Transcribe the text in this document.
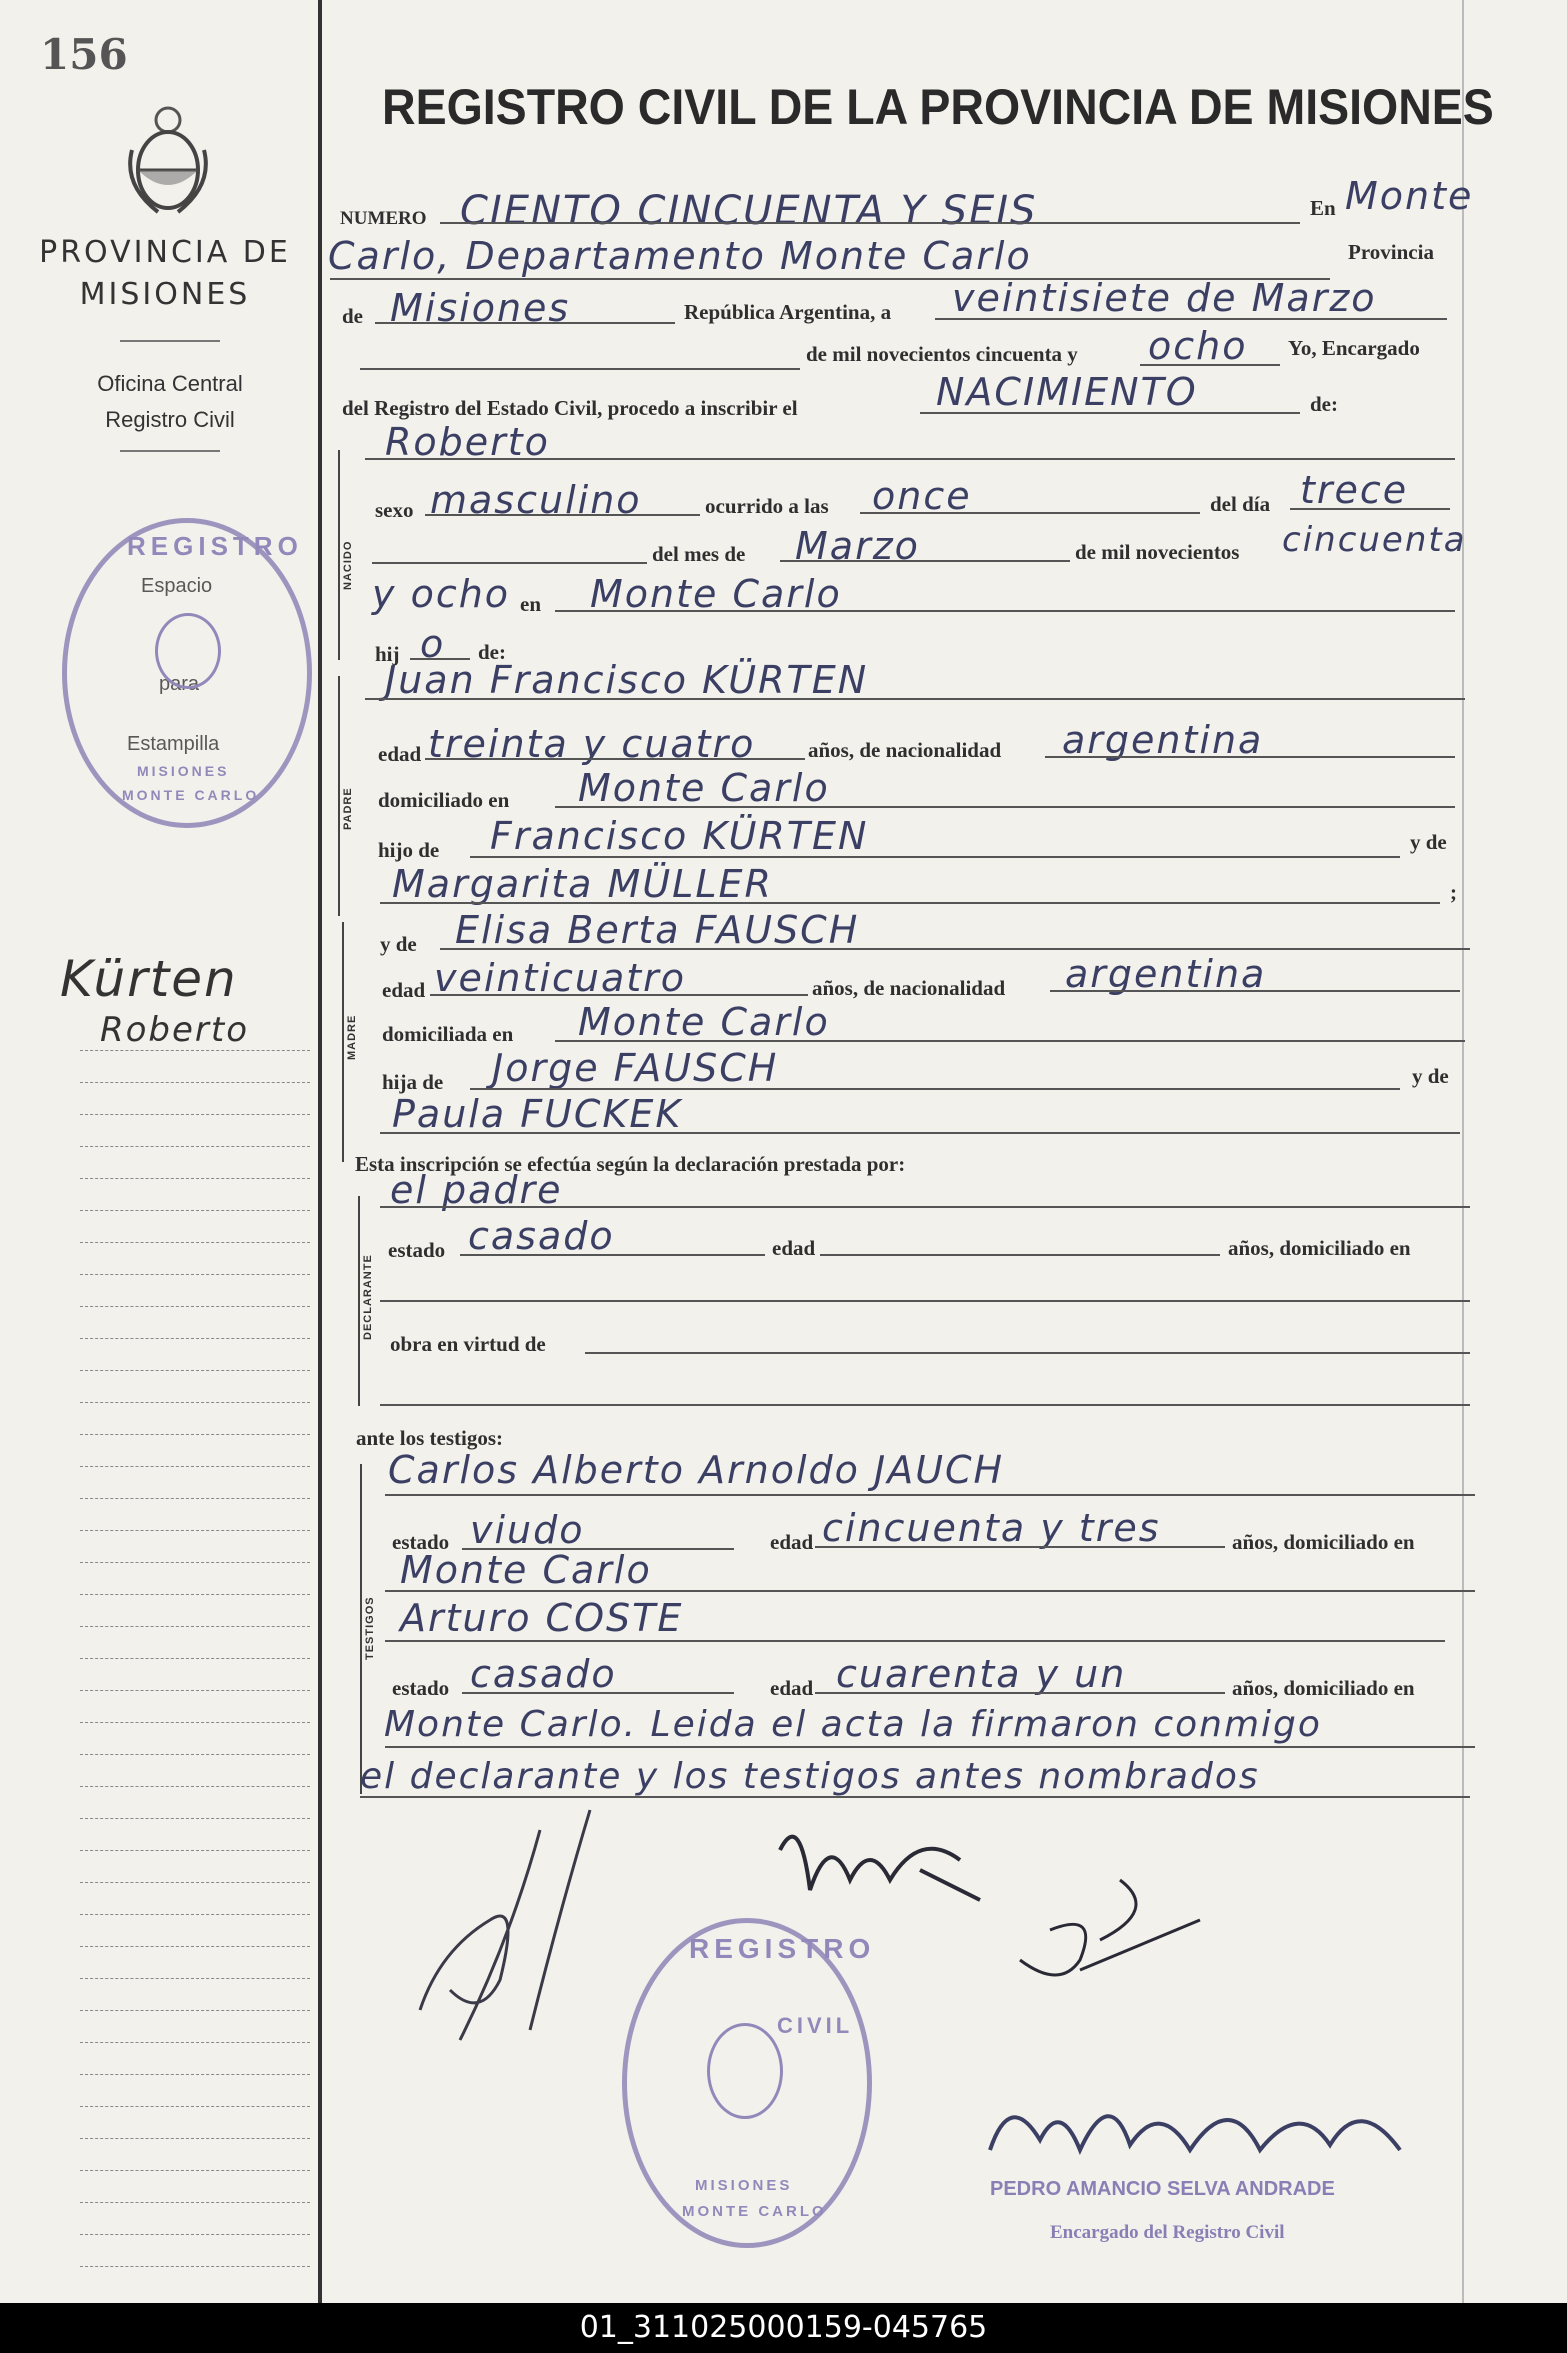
156
PROVINCIA DE MISIONES
Oficina Central Registro Civil
REGISTRO
MISIONES
MONTE CARLO
Espacio
para
Estampilla
Kürten
Roberto
REGISTRO CIVIL DE LA PROVINCIA DE MISIONES
NUMERO CIENTO CINCUENTA Y SEIS	En Monte
Carlo, Departamento Monte Carlo	Provincia
de Misiones	República Argentina, a veintisiete de Marzo
de mil novecientos cincuenta y ocho Yo, Encargado
del Registro del Estado Civil, procedo a inscribir el	NACIMIENTO	de:
NACIDO
Roberto
sexo masculino	ocurrido a las once	del día trece
del mes de Marzo	de mil novecientos cincuenta
y ocho en Monte Carlo
hij o de:
PADRE
Juan Francisco KÜRTEN
edad treinta y cuatro	años, de nacionalidad argentina
domiciliado en Monte Carlo
hijo de Francisco KÜRTEN	y de
Margarita MÜLLER	;
MADRE
y de Elisa Berta FAUSCH
edad veinticuatro	años, de nacionalidad argentina
domiciliada en Monte Carlo
hija de Jorge FAUSCH	y de
Paula FUCKEK
Esta inscripción se efectúa según la declaración prestada por:
DECLARANTE
el padre
estado casado	edad	años, domiciliado en
obra en virtud de
ante los testigos:
TESTIGOS
Carlos Alberto Arnoldo JAUCH
estado viudo	edad cincuenta y tres	años, domiciliado en
Monte Carlo
Arturo COSTE
estado casado	edad cuarenta y un	años, domiciliado en
Monte Carlo. Leida el acta la firmaron conmigo
el declarante y los testigos antes nombrados
REGISTRO
CIVIL
MISIONES
MONTE CARLO
PEDRO AMANCIO SELVA ANDRADE
Encargado del Registro Civil
01_311025000159-045765
